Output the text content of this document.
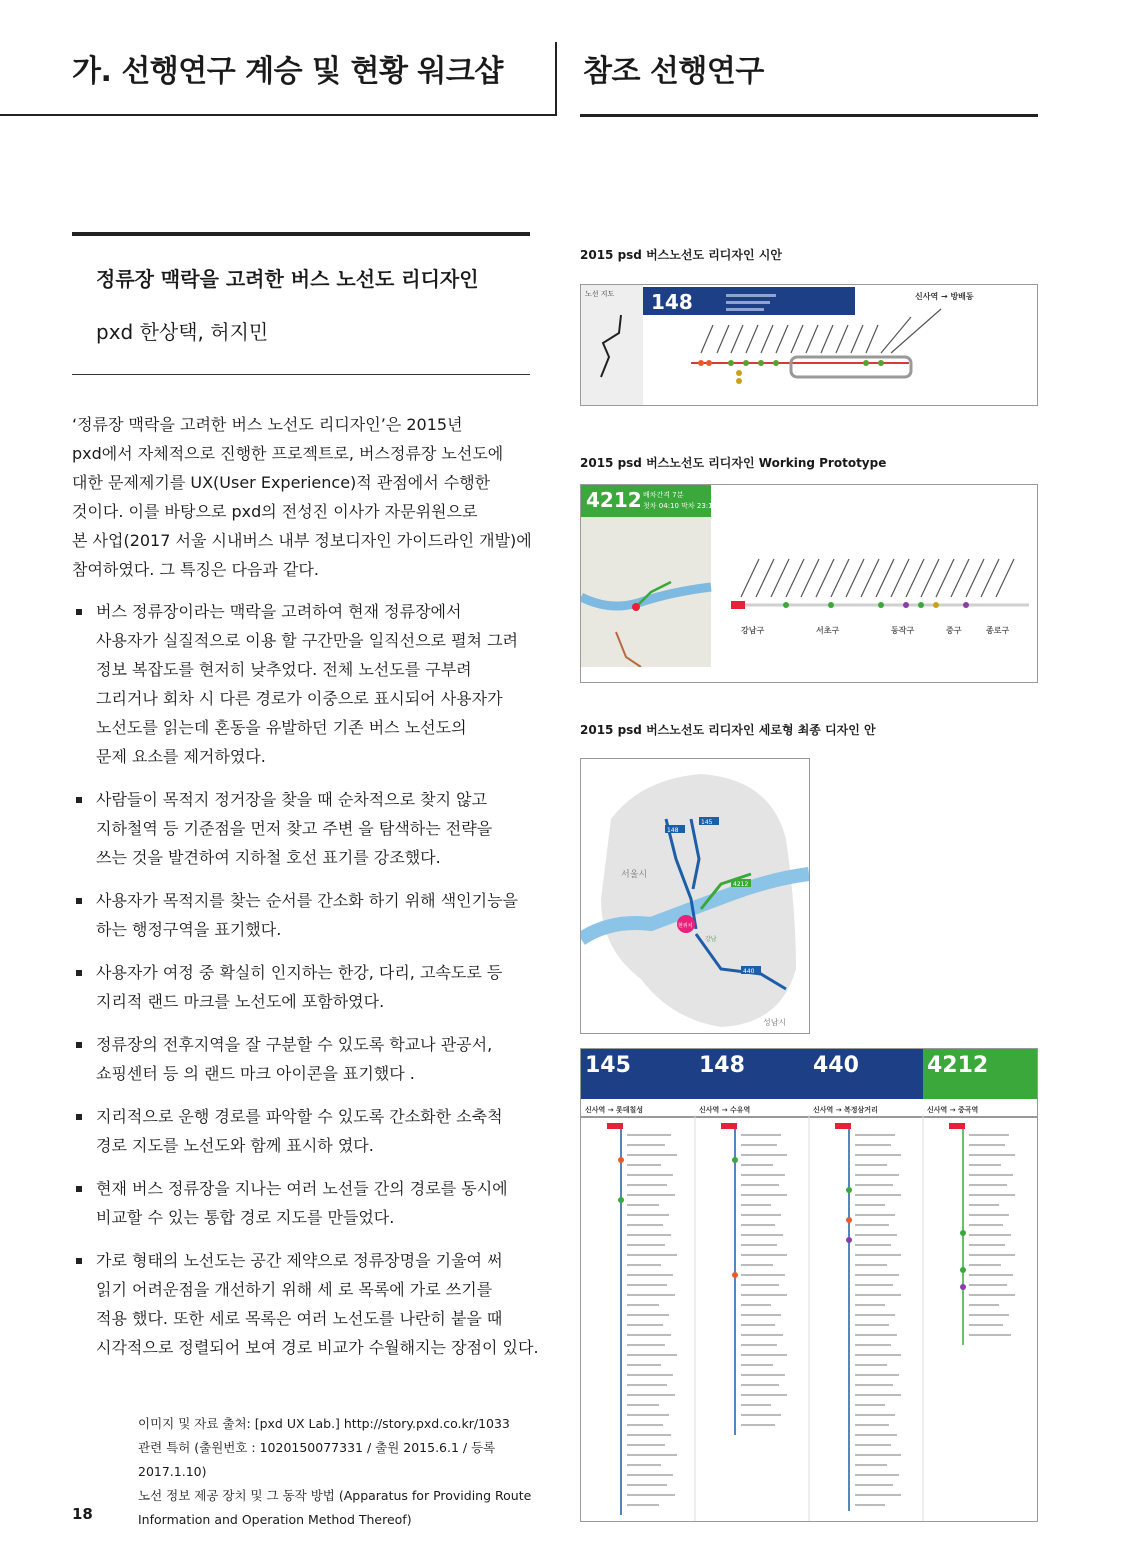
가. 선행연구 계승 및 현황 워크샵	참조 선행연구
정류장 맥락을 고려한 버스 노선도 리디자인
pxd 한상택, 허지민
‘정류장 맥락을 고려한 버스 노선도 리디자인’은 2015년
pxd에서 자체적으로 진행한 프로젝트로, 버스정류장 노선도에
대한 문제제기를 UX(User Experience)적 관점에서 수행한
것이다. 이를 바탕으로 pxd의 전성진 이사가 자문위원으로
본 사업(2017 서울 시내버스 내부 정보디자인 가이드라인 개발)에
참여하였다. 그 특징은 다음과 같다.
버스 정류장이라는 맥락을 고려하여 현재 정류장에서
사용자가 실질적으로 이용 할 구간만을 일직선으로 펼쳐 그려
정보 복잡도를 현저히 낮추었다. 전체 노선도를 구부려
그리거나 회차 시 다른 경로가 이중으로 표시되어 사용자가
노선도를 읽는데 혼동을 유발하던 기존 버스 노선도의
문제 요소를 제거하였다.
사람들이 목적지 정거장을 찾을 때 순차적으로 찾지 않고
지하철역 등 기준점을 먼저 찾고 주변 을 탐색하는 전략을
쓰는 것을 발견하여 지하철 호선 표기를 강조했다.
사용자가 목적지를 찾는 순서를 간소화 하기 위해 색인기능을
하는 행정구역을 표기했다.
사용자가 여정 중 확실히 인지하는 한강, 다리, 고속도로 등
지리적 랜드 마크를 노선도에 포함하였다.
정류장의 전후지역을 잘 구분할 수 있도록 학교나 관공서,
쇼핑센터 등 의 랜드 마크 아이콘을 표기했다 .
지리적으로 운행 경로를 파악할 수 있도록 간소화한 소축척
경로 지도를 노선도와 함께 표시하 였다.
현재 버스 정류장을 지나는 여러 노선들 간의 경로를 동시에
비교할 수 있는 통합 경로 지도를 만들었다.
가로 형태의 노선도는 공간 제약으로 정류장명을 기울여 써
읽기 어려운점을 개선하기 위해 세 로 목록에 가로 쓰기를
적용 했다. 또한 세로 목록은 여러 노선도를 나란히 붙을 때
시각적으로 정렬되어 보여 경로 비교가 수월해지는 장점이 있다.
이미지 및 자료 출처: [pxd UX Lab.] http://story.pxd.co.kr/1033
관련 특허 (출원번호 : 1020150077331 / 출원 2015.6.1 / 등록 2017.1.10)
노선 정보 제공 장치 및 그 동작 방법 (Apparatus for Providing Route
Information and Operation Method Thereof)
18
2015 psd 버스노선도 리디자인 시안
노선 지도 148	신사역 → 방배동
2015 psd 버스노선도 리디자인 Working Prototype
4212 배차간격 7분
첫차 04:10 막차 23:10
강남구	서초구	동작구	중구	종로구
2015 psd 버스노선도 리디자인 세로형 최종 디자인 안
148
145
4212
440
서울시
성남시
현위치
강남
145	148	440	4212
신사역 → 롯데칠성	신사역 → 수유역	신사역 → 복정삼거리	신사역 → 중곡역
